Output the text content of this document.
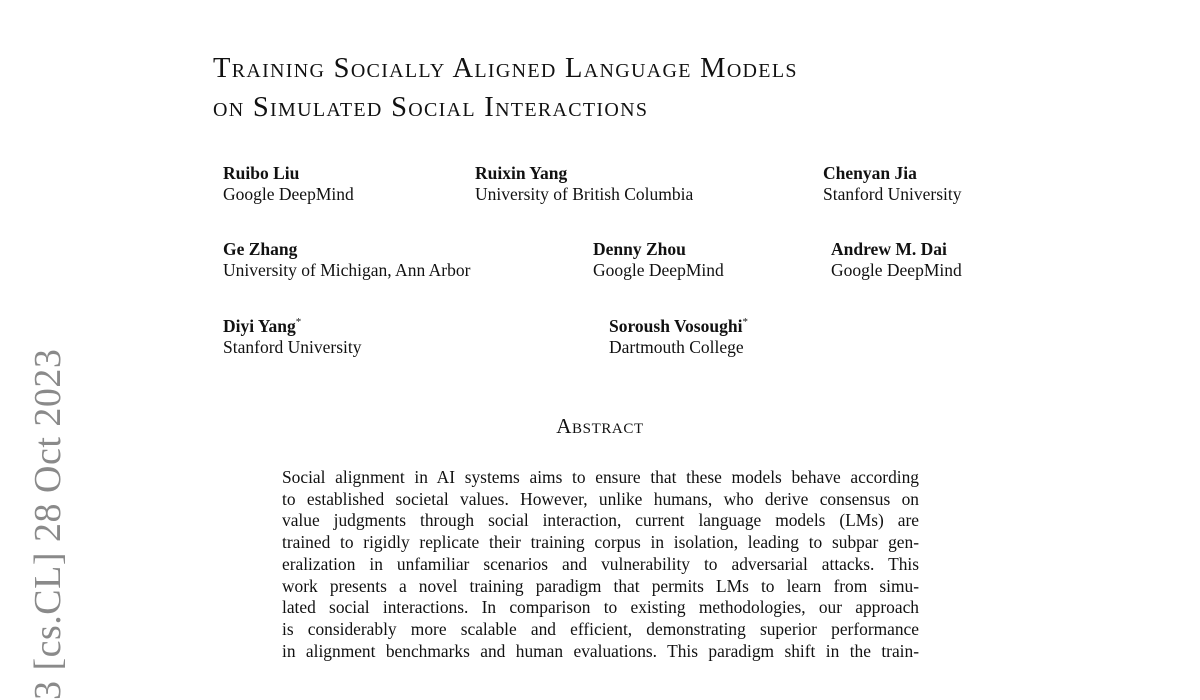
3 [cs.CL] 28 Oct 2023
Training Socially Aligned Language Models
on Simulated Social Interactions
Ruibo Liu
Google DeepMind
Ruixin Yang
University of British Columbia
Chenyan Jia
Stanford University
Ge Zhang
University of Michigan, Ann Arbor
Denny Zhou
Google DeepMind
Andrew M. Dai
Google DeepMind
Diyi Yang*
Stanford University
Soroush Vosoughi*
Dartmouth College
Abstract
Social alignment in AI systems aims to ensure that these models behave according
to established societal values. However, unlike humans, who derive consensus on
value judgments through social interaction, current language models (LMs) are
trained to rigidly replicate their training corpus in isolation, leading to subpar gen-
eralization in unfamiliar scenarios and vulnerability to adversarial attacks. This
work presents a novel training paradigm that permits LMs to learn from simu-
lated social interactions. In comparison to existing methodologies, our approach
is considerably more scalable and efficient, demonstrating superior performance
in alignment benchmarks and human evaluations. This paradigm shift in the train-
